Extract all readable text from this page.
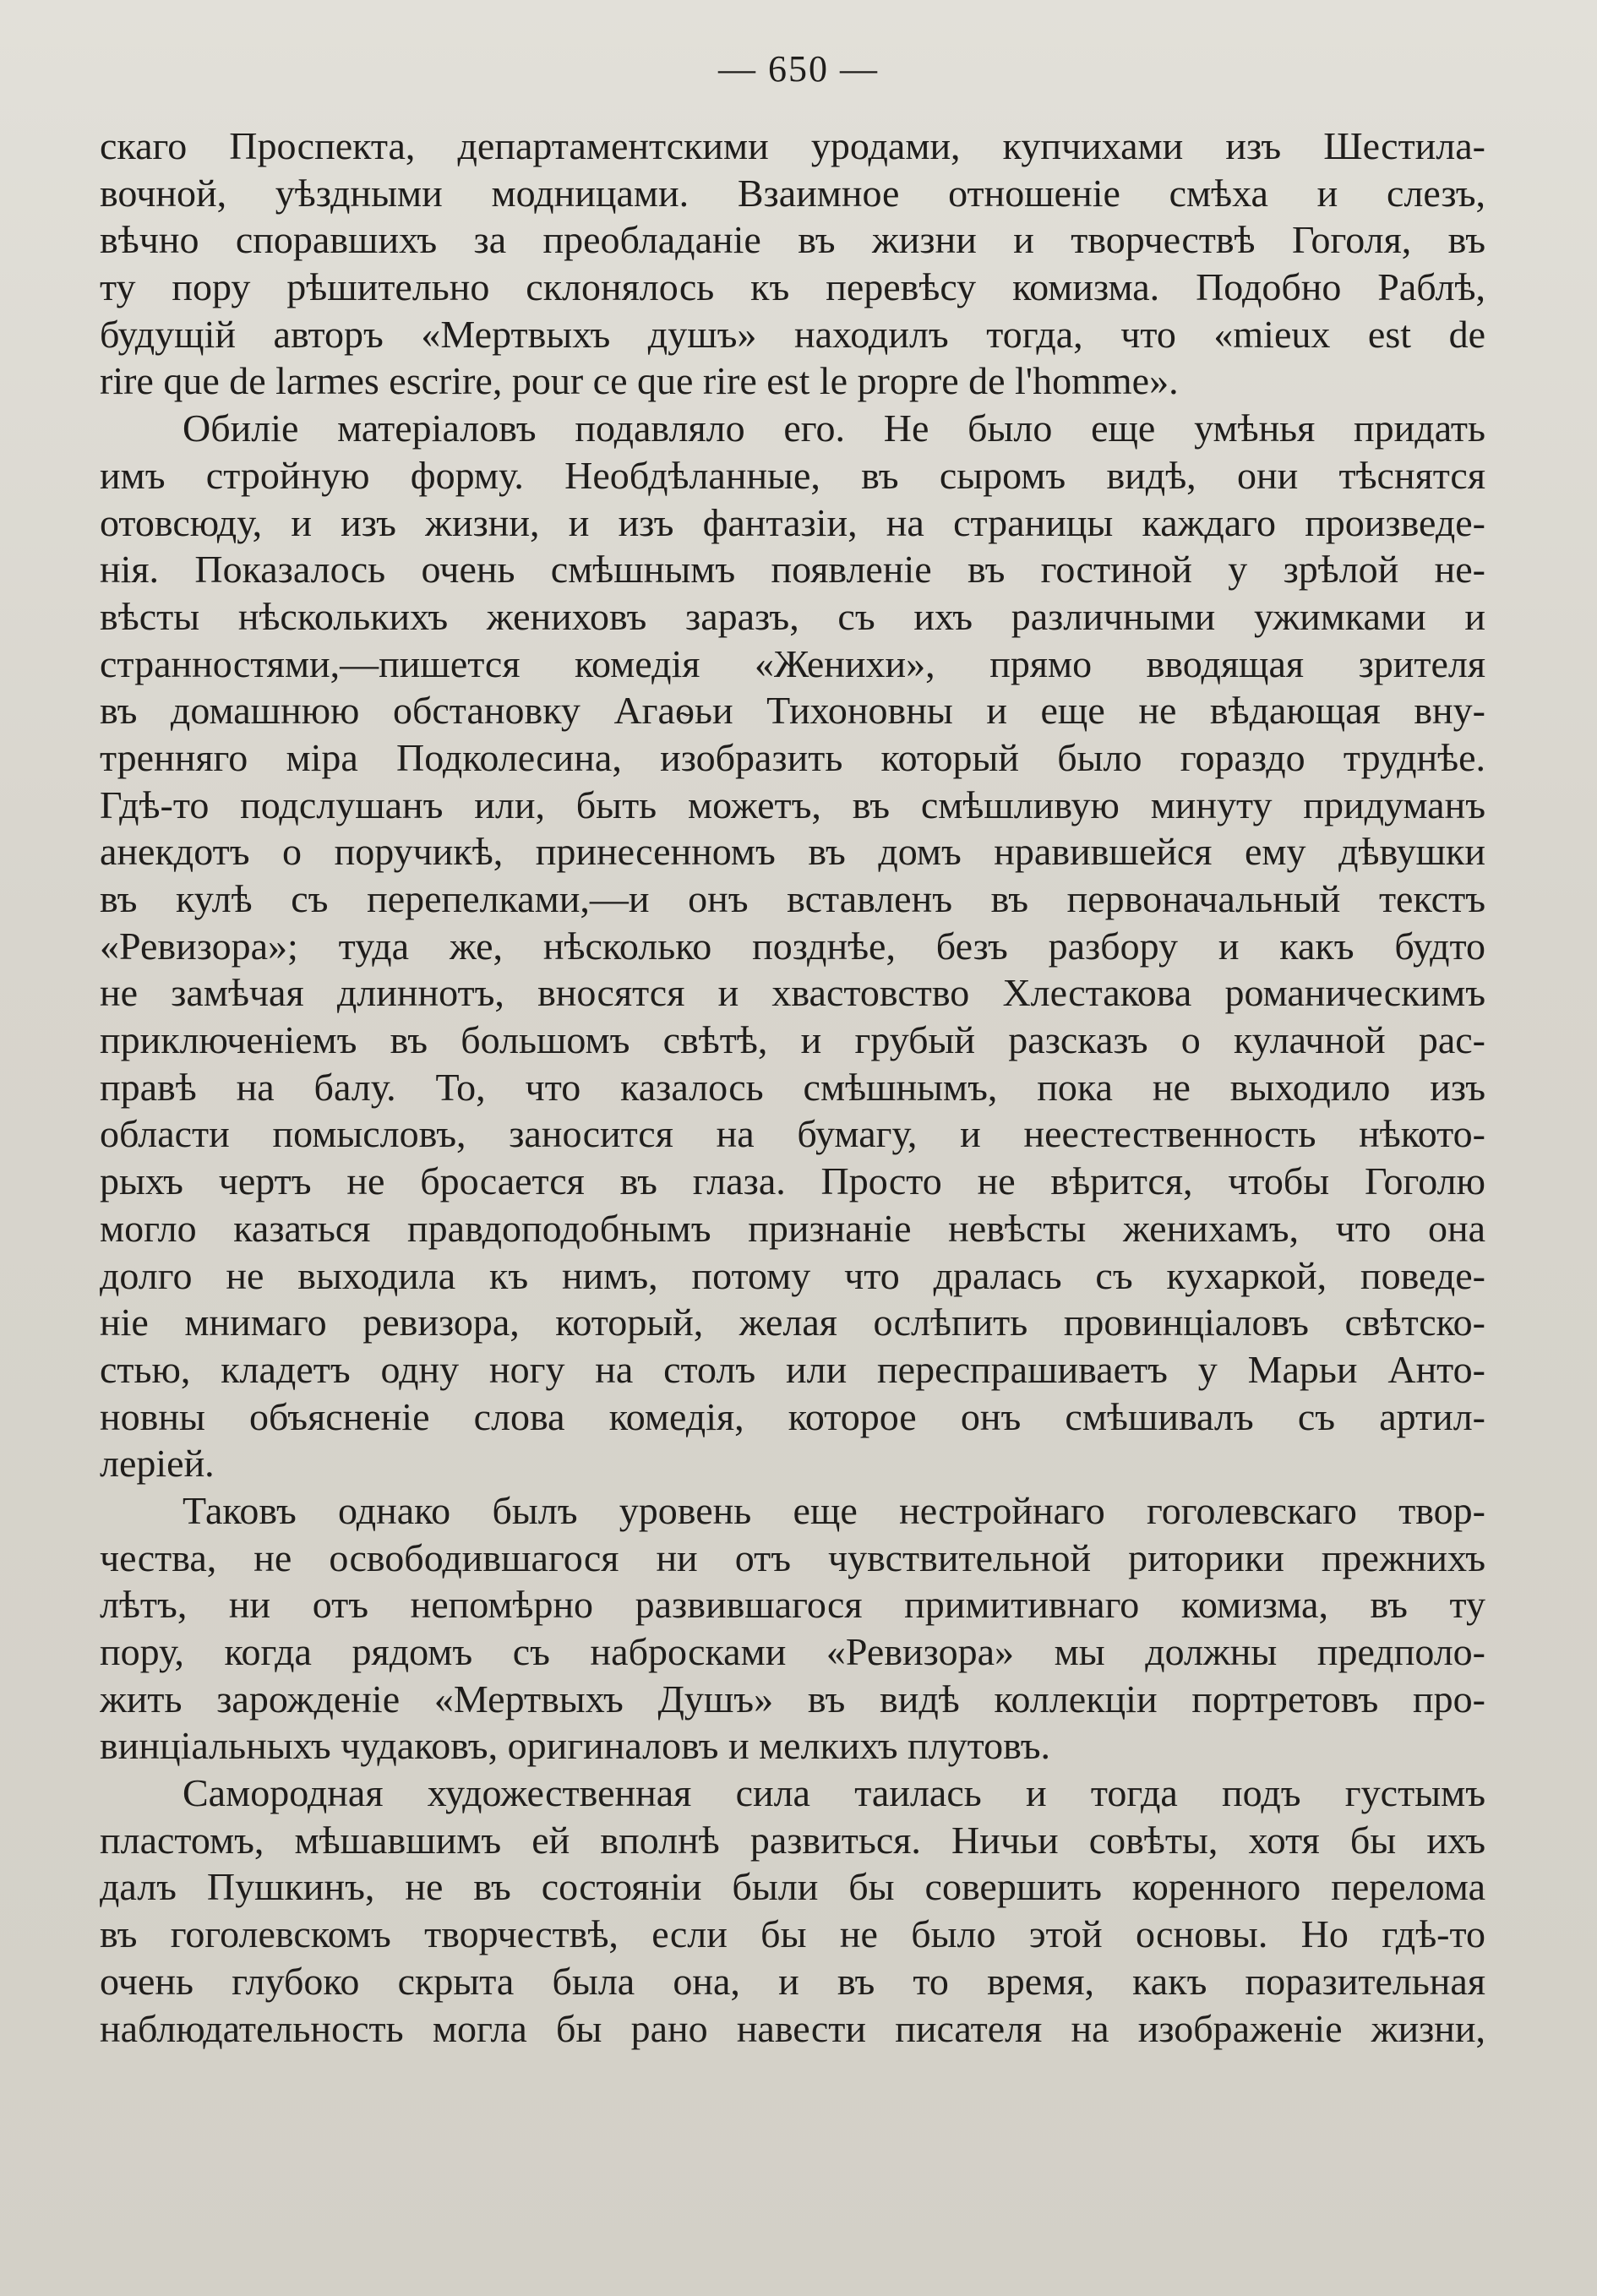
— 650 —
скаго Проспекта, департаментскими уродами, купчихами изъ Шестила-
вочной, уѣздными модницами. Взаимное отношеніе смѣха и слезъ,
вѣчно споравшихъ за преобладаніе въ жизни и творчествѣ Гоголя, въ
ту пору рѣшительно склонялось къ перевѣсу комизма. Подобно Раблѣ,
будущій авторъ «Мертвыхъ душъ» находилъ тогда, что «mieux est de
rire que de larmes escrire, pour ce que rire est le propre de l'homme».
Обиліе матеріаловъ подавляло его. Не было еще умѣнья придать
имъ стройную форму. Необдѣланные, въ сыромъ видѣ, они тѣснятся
отовсюду, и изъ жизни, и изъ фантазіи, на страницы каждаго произведе-
нія. Показалось очень смѣшнымъ появленіе въ гостиной у зрѣлой не-
вѣсты нѣсколькихъ жениховъ заразъ, съ ихъ различными ужимками и
странностями,—пишется комедія «Женихи», прямо вводящая зрителя
въ домашнюю обстановку Агаѳьи Тихоновны и еще не вѣдающая вну-
тренняго міра Подколесина, изобразить который было гораздо труднѣе.
Гдѣ-то подслушанъ или, быть можетъ, въ смѣшливую минуту придуманъ
анекдотъ о поручикѣ, принесенномъ въ домъ нравившейся ему дѣвушки
въ кулѣ съ перепелками,—и онъ вставленъ въ первоначальный текстъ
«Ревизора»; туда же, нѣсколько позднѣе, безъ разбору и какъ будто
не замѣчая длиннотъ, вносятся и хвастовство Хлестакова романическимъ
приключеніемъ въ большомъ свѣтѣ, и грубый разсказъ о кулачной рас-
правѣ на балу. То, что казалось смѣшнымъ, пока не выходило изъ
области помысловъ, заносится на бумагу, и неестественность нѣкото-
рыхъ чертъ не бросается въ глаза. Просто не вѣрится, чтобы Гоголю
могло казаться правдоподобнымъ признаніе невѣсты женихамъ, что она
долго не выходила къ нимъ, потому что дралась съ кухаркой, поведе-
ніе мнимаго ревизора, который, желая ослѣпить провинціаловъ свѣтско-
стью, кладетъ одну ногу на столъ или переспрашиваетъ у Марьи Анто-
новны объясненіе слова комедія, которое онъ смѣшивалъ съ артил-
леріей.
Таковъ однако былъ уровень еще нестройнаго гоголевскаго твор-
чества, не освободившагося ни отъ чувствительной риторики прежнихъ
лѣтъ, ни отъ непомѣрно развившагося примитивнаго комизма, въ ту
пору, когда рядомъ съ набросками «Ревизора» мы должны предполо-
жить зарожденіе «Мертвыхъ Душъ» въ видѣ коллекціи портретовъ про-
винціальныхъ чудаковъ, оригиналовъ и мелкихъ плутовъ.
Самородная художественная сила таилась и тогда подъ густымъ
пластомъ, мѣшавшимъ ей вполнѣ развиться. Ничьи совѣты, хотя бы ихъ
далъ Пушкинъ, не въ состояніи были бы совершить коренного перелома
въ гоголевскомъ творчествѣ, если бы не было этой основы. Но гдѣ-то
очень глубоко скрыта была она, и въ то время, какъ поразительная
наблюдательность могла бы рано навести писателя на изображеніе жизни,
